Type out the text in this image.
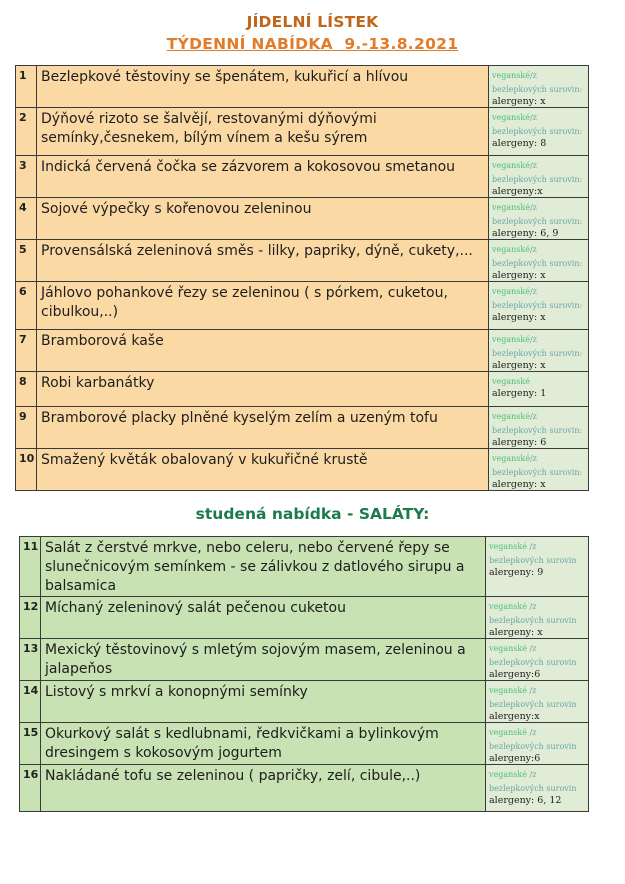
JÍDELNÍ LÍSTEK
TÝDENNÍ NABÍDKA  9.-13.8.2021
1	Bezlepkové těstoviny se špenátem, kukuřicí a hlívou	veganské/z bezlepkových surovin:
alergeny: x

2	Dýňové rizoto se šalvějí, restovanými dýňovými semínky,česnekem, bílým vínem a kešu sýrem	veganské/z bezlepkových surovin:
alergeny: 8

3	Indická červená čočka se zázvorem a kokosovou smetanou	veganské/z bezlepkových surovin:
alergeny:x

4	Sojové výpečky s kořenovou zeleninou	veganské/z bezlepkových surovin:
alergeny: 6, 9

5	Provensálská zeleninová směs - lilky, papriky, dýně, cukety,...	veganské/z bezlepkových surovin:
alergeny: x

6	Jáhlovo pohankové řezy se zeleninou ( s pórkem, cuketou, cibulkou,..)	veganské/z bezlepkových surovin:
alergeny: x

7	Bramborová kaše	veganské/z bezlepkových surovin:
alergeny: x

8	Robi karbanátky	veganské
alergeny: 1

9	Bramborové placky plněné kyselým zelím a uzeným tofu	veganské/z bezlepkových surovin:
alergeny: 6

10	Smažený květák obalovaný v kukuřičné krustě	veganské/z bezlepkových surovin:
alergeny: x
studená nabídka - SALÁTY:
11	Salát z čerstvé mrkve, nebo celeru, nebo červené řepy se slunečnicovým semínkem - se zálivkou z datlového sirupu a balsamica	veganské /z bezlepkových surovin
alergeny: 9

12	Míchaný zeleninový salát pečenou cuketou	veganské /z bezlepkových surovin
alergeny: x

13	Mexický těstovinový s mletým sojovým masem, zeleninou a jalapeňos	veganské /z bezlepkových surovin
alergeny:6

14	Listový s mrkví a konopnými semínky	veganské /z bezlepkových surovin
alergeny:x

15	Okurkový salát s kedlubnami, ředkvičkami a bylinkovým dresingem s kokosovým jogurtem	veganské /z bezlepkových surovin
alergeny:6

16	Nakládané tofu se zeleninou ( papričky, zelí, cibule,..)	veganské /z bezlepkových surovin
alergeny: 6, 12
